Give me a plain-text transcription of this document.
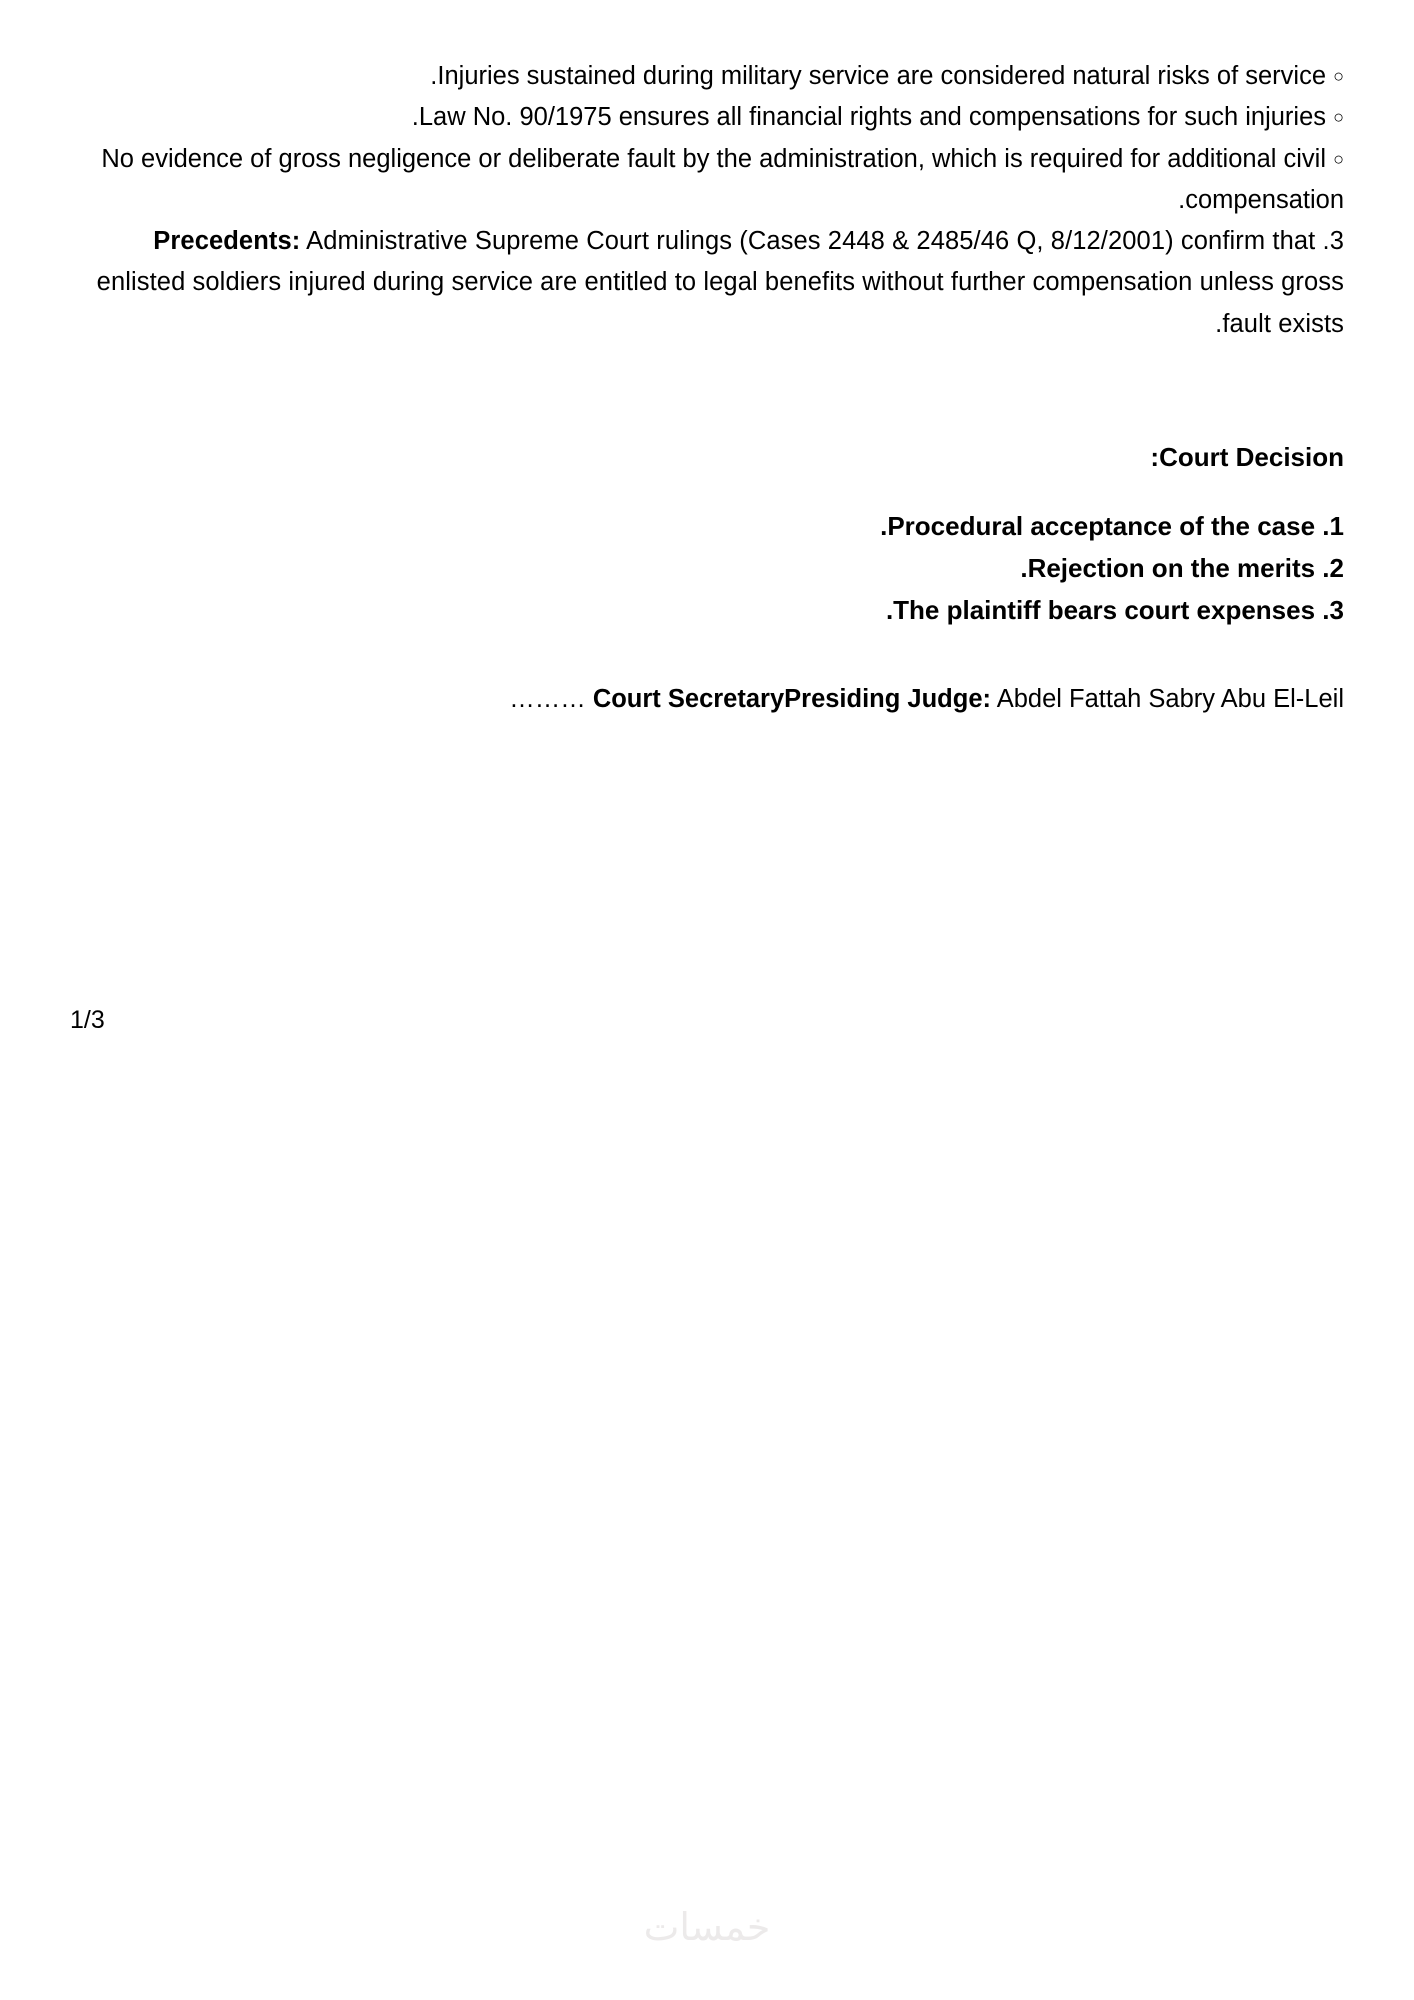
○ Injuries sustained during military service are considered natural risks of service.

○ Law No. 90/1975 ensures all financial rights and compensations for such injuries.

○ No evidence of gross negligence or deliberate fault by the administration, which is required for additional civil compensation.

3. Precedents: Administrative Supreme Court rulings (Cases 2448 & 2485/46 Q, 8/12/2001) confirm that enlisted soldiers injured during service are entitled to legal benefits without further compensation unless gross fault exists.

Court Decision:

1. Procedural acceptance of the case.

2. Rejection on the merits.

3. The plaintiff bears court expenses.

Court SecretaryPresiding Judge: Abdel Fattah Sabry Abu El-Leil ………

1/3
خمسات
